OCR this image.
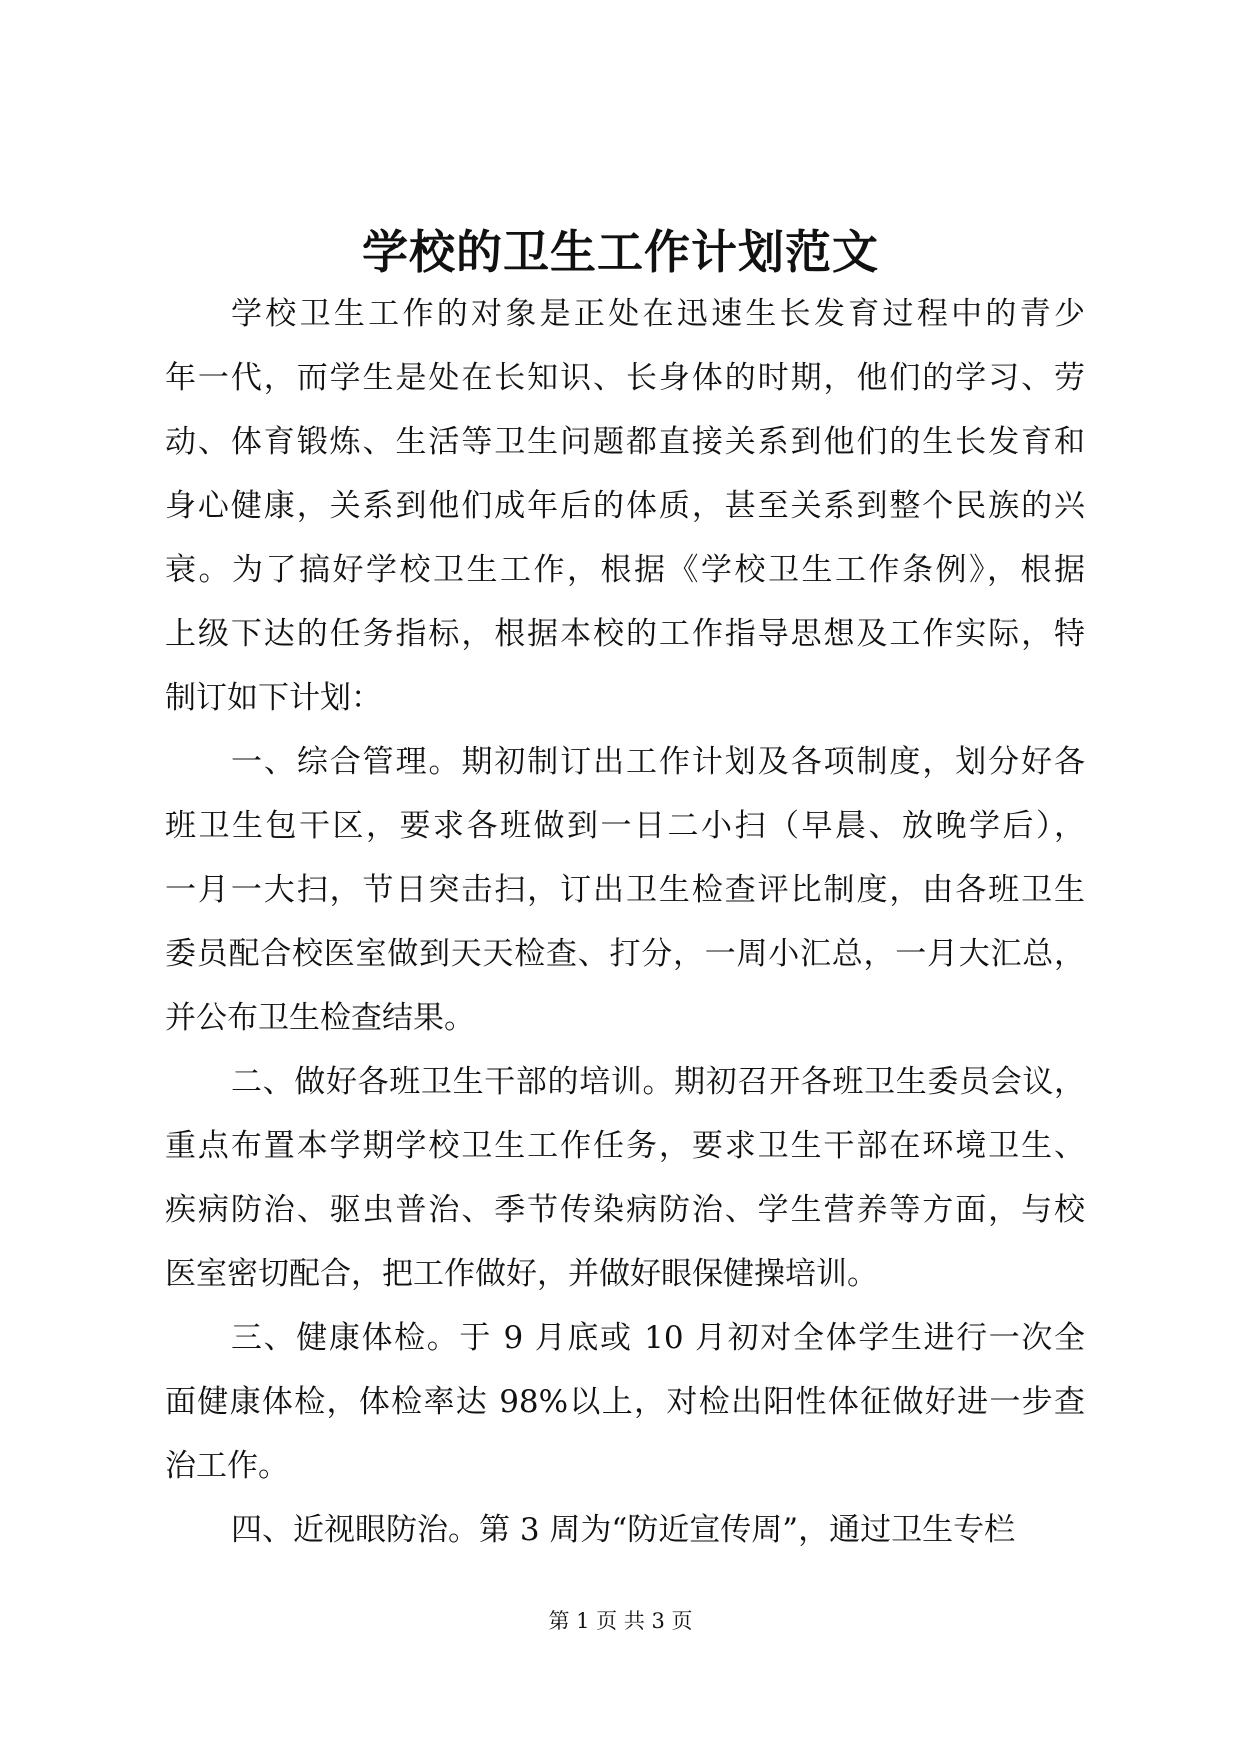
学校的卫生工作计划范文
学校卫生工作的对象是正处在迅速生长发育过程中的青少
年一代，而学生是处在长知识、长身体的时期，他们的学习、劳
动、体育锻炼、生活等卫生问题都直接关系到他们的生长发育和
身心健康，关系到他们成年后的体质，甚至关系到整个民族的兴
衰。为了搞好学校卫生工作，根据《学校卫生工作条例》，根据
上级下达的任务指标，根据本校的工作指导思想及工作实际，特
制订如下计划：
一、综合管理。期初制订出工作计划及各项制度，划分好各
班卫生包干区，要求各班做到一日二小扫（早晨、放晚学后），
一月一大扫，节日突击扫，订出卫生检查评比制度，由各班卫生
委员配合校医室做到天天检查、打分，一周小汇总，一月大汇总，
并公布卫生检查结果。
二、做好各班卫生干部的培训。期初召开各班卫生委员会议，
重点布置本学期学校卫生工作任务，要求卫生干部在环境卫生、
疾病防治、驱虫普治、季节传染病防治、学生营养等方面，与校
医室密切配合，把工作做好，并做好眼保健操培训。
三、健康体检。于 9 月底或 10 月初对全体学生进行一次全
面健康体检，体检率达 98%以上，对检出阳性体征做好进一步查
治工作。
四、近视眼防治。第 3 周为“防近宣传周”，通过卫生专栏
第 1 页 共 3 页
